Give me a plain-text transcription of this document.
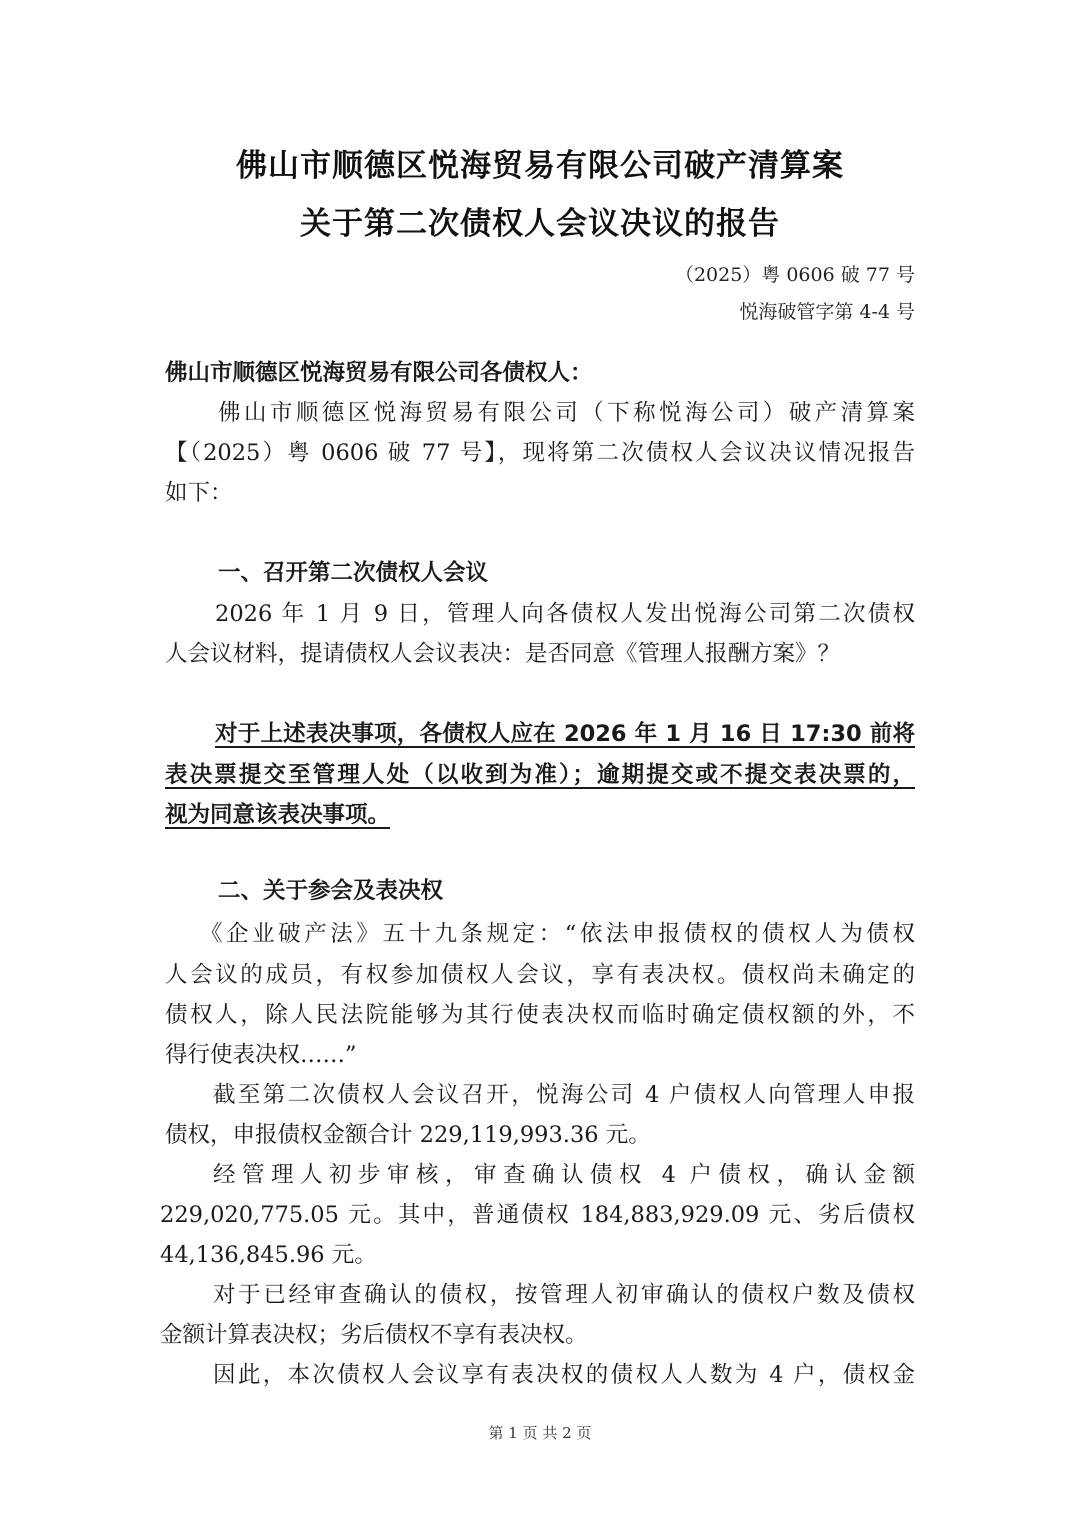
佛山市顺德区悦海贸易有限公司破产清算案
关于第二次债权人会议决议的报告
（2025）粤 0606 破 77 号
悦海破管字第 4-4 号
佛山市顺德区悦海贸易有限公司各债权人：
佛山市顺德区悦海贸易有限公司（下称悦海公司）破产清算案
【（2025）粤 0606 破 77 号】，现将第二次债权人会议决议情况报告
如下：
一、召开第二次债权人会议
2026 年 1 月 9 日，管理人向各债权人发出悦海公司第二次债权
人会议材料，提请债权人会议表决：是否同意《管理人报酬方案》？
对于上述表决事项，各债权人应在 2026 年 1 月 16 日 17:30 前将
表决票提交至管理人处（以收到为准）；逾期提交或不提交表决票的，
视为同意该表决事项。
二、关于参会及表决权
《企业破产法》五十九条规定：“依法申报债权的债权人为债权
人会议的成员，有权参加债权人会议，享有表决权。债权尚未确定的
债权人，除人民法院能够为其行使表决权而临时确定债权额的外，不
得行使表决权……”
截至第二次债权人会议召开，悦海公司 4 户债权人向管理人申报
债权，申报债权金额合计 229,119,993.36 元。
经管理人初步审核，审查确认债权 4 户债权，确认金额
229,020,775.05 元。其中，普通债权 184,883,929.09 元、劣后债权
44,136,845.96 元。
对于已经审查确认的债权，按管理人初审确认的债权户数及债权
金额计算表决权；劣后债权不享有表决权。
因此，本次债权人会议享有表决权的债权人人数为 4 户，债权金
第 1 页 共 2 页
